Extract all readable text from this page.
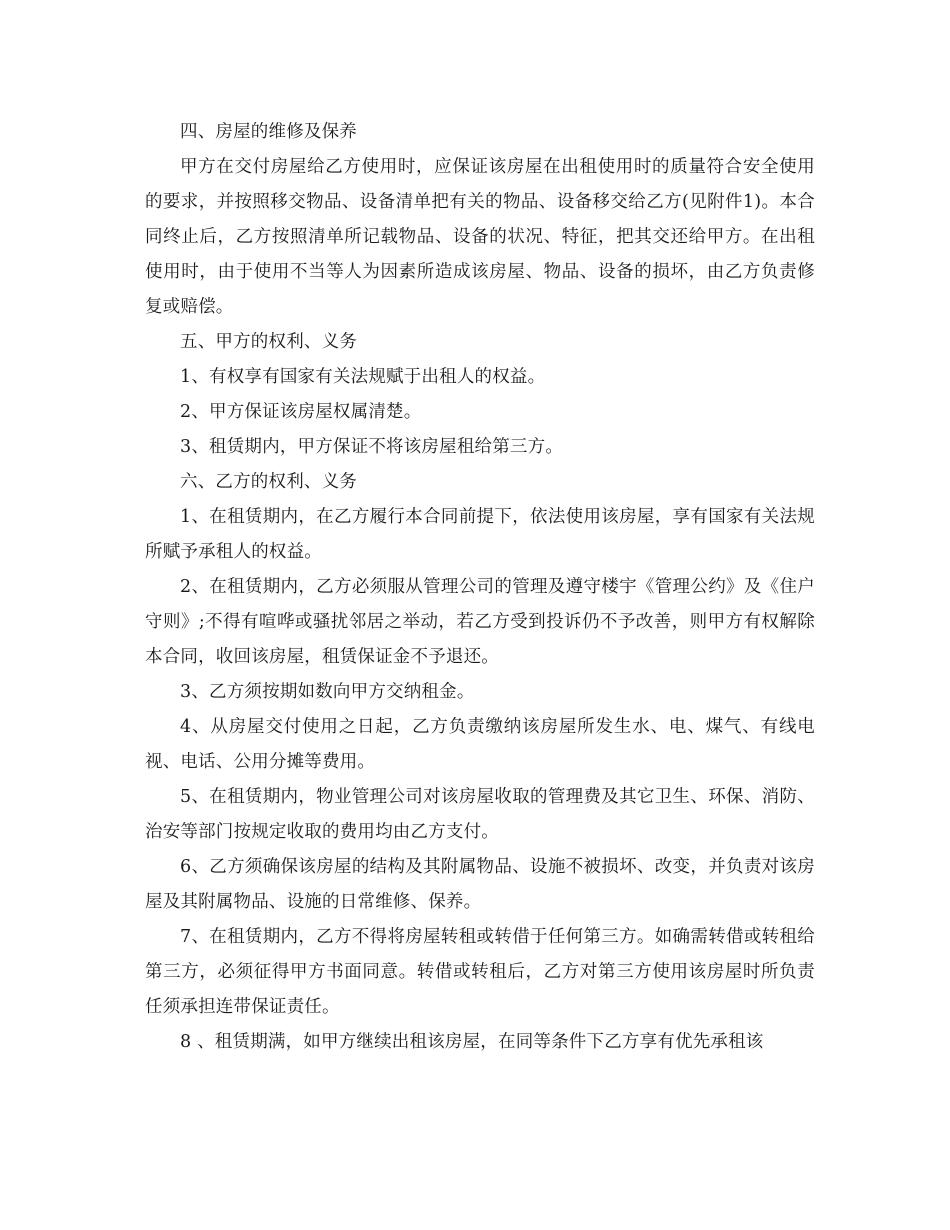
四、房屋的维修及保养

甲方在交付房屋给乙方使用时，应保证该房屋在出租使用时的质量符合安全使用的要求，并按照移交物品、设备清单把有关的物品、设备移交给乙方(见附件1)。本合同终止后，乙方按照清单所记载物品、设备的状况、特征，把其交还给甲方。在出租使用时，由于使用不当等人为因素所造成该房屋、物品、设备的损坏，由乙方负责修复或赔偿。

五、甲方的权利、义务

1、有权享有国家有关法规赋于出租人的权益。

2、甲方保证该房屋权属清楚。

3、租赁期内，甲方保证不将该房屋租给第三方。

六、乙方的权利、义务

1、在租赁期内，在乙方履行本合同前提下，依法使用该房屋，享有国家有关法规所赋予承租人的权益。

2、在租赁期内，乙方必须服从管理公司的管理及遵守楼宇《管理公约》及《住户守则》;不得有喧哗或骚扰邻居之举动，若乙方受到投诉仍不予改善，则甲方有权解除本合同，收回该房屋，租赁保证金不予退还。

3、乙方须按期如数向甲方交纳租金。

4、从房屋交付使用之日起，乙方负责缴纳该房屋所发生水、电、煤气、有线电视、电话、公用分摊等费用。

5、在租赁期内，物业管理公司对该房屋收取的管理费及其它卫生、环保、消防、治安等部门按规定收取的费用均由乙方支付。

6、乙方须确保该房屋的结构及其附属物品、设施不被损坏、改变，并负责对该房屋及其附属物品、设施的日常维修、保养。

7、在租赁期内，乙方不得将房屋转租或转借于任何第三方。如确需转借或转租给第三方，必须征得甲方书面同意。转借或转租后，乙方对第三方使用该房屋时所负责任须承担连带保证责任。

8 、租赁期满，如甲方继续出租该房屋，在同等条件下乙方享有优先承租该
